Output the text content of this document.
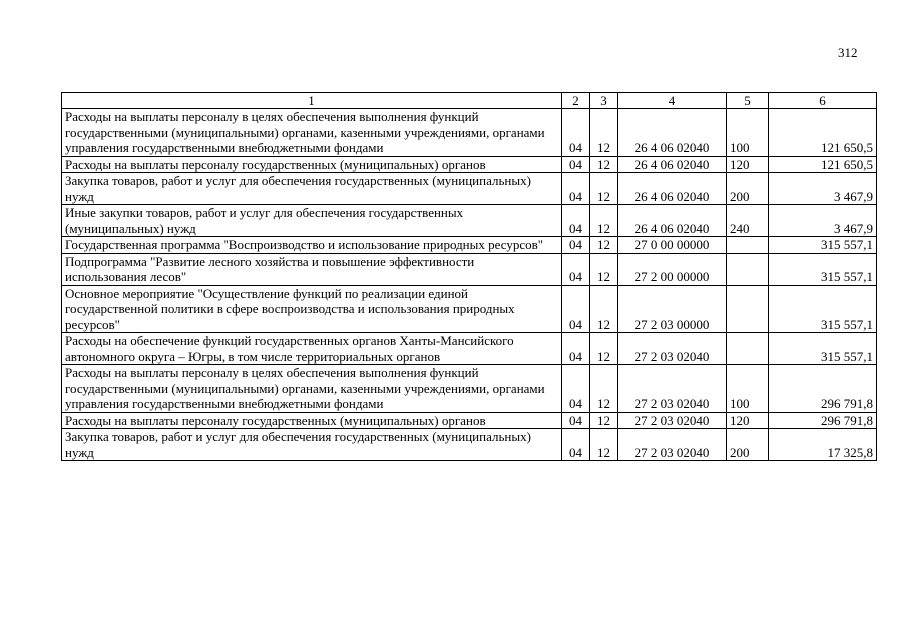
312
1	2	3	4	5	6
Расходы на выплаты персоналу в целях обеспечения выполнения функций государственными (муниципальными) органами, казенными учреждениями, органами управления государственными внебюджетными фондами	04	12	26 4 06 02040	100	121 650,5
Расходы на выплаты персоналу государственных (муниципальных) органов	04	12	26 4 06 02040	120	121 650,5
Закупка товаров, работ и услуг для обеспечения государственных (муниципальных) нужд	04	12	26 4 06 02040	200	3 467,9
Иные закупки товаров, работ и услуг для обеспечения государственных (муниципальных) нужд	04	12	26 4 06 02040	240	3 467,9
Государственная программа "Воспроизводство и использование природных ресурсов"	04	12	27 0 00 00000		315 557,1
Подпрограмма "Развитие лесного хозяйства и повышение эффективности использования лесов"	04	12	27 2 00 00000		315 557,1
Основное мероприятие "Осуществление функций по реализации единой государственной политики в сфере воспроизводства и использования природных ресурсов"	04	12	27 2 03 00000		315 557,1
Расходы на обеспечение функций государственных органов Ханты-Мансийского автономного округа – Югры, в том числе территориальных органов	04	12	27 2 03 02040		315 557,1
Расходы на выплаты персоналу в целях обеспечения выполнения функций государственными (муниципальными) органами, казенными учреждениями, органами управления государственными внебюджетными фондами	04	12	27 2 03 02040	100	296 791,8
Расходы на выплаты персоналу государственных (муниципальных) органов	04	12	27 2 03 02040	120	296 791,8
Закупка товаров, работ и услуг для обеспечения государственных (муниципальных) нужд	04	12	27 2 03 02040	200	17 325,8
